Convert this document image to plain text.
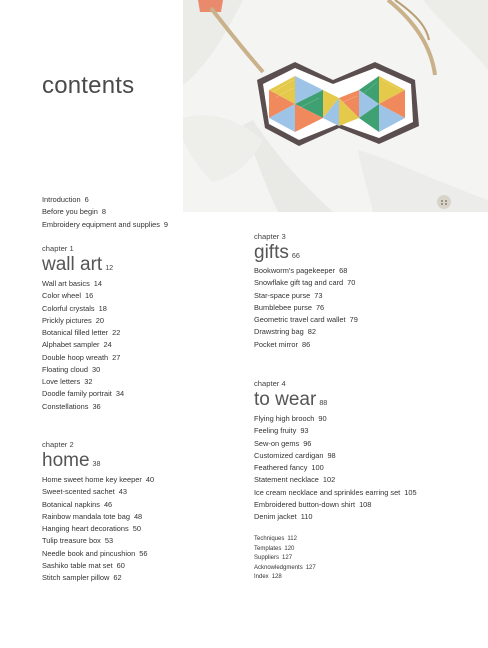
contents
Introduction 6
Before you begin 8
Embroidery equipment and supplies 9
chapter 1
wall art 12
Wall art basics 14
Color wheel 16
Colorful crystals 18
Prickly pictures 20
Botanical filled letter 22
Alphabet sampler 24
Double hoop wreath 27
Floating cloud 30
Love letters 32
Doodle family portrait 34
Constellations 36
chapter 2
home 38
Home sweet home key keeper 40
Sweet-scented sachet 43
Botanical napkins 46
Rainbow mandala tote bag 48
Hanging heart decorations 50
Tulip treasure box 53
Needle book and pincushion 56
Sashiko table mat set 60
Stitch sampler pillow 62
chapter 3
gifts 66
Bookworm's pagekeeper 68
Snowflake gift tag and card 70
Star-space purse 73
Bumblebee purse 76
Geometric travel card wallet 79
Drawstring bag 82
Pocket mirror 86
chapter 4
to wear 88
Flying high brooch 90
Feeling fruity 93
Sew-on gems 96
Customized cardigan 98
Feathered fancy 100
Statement necklace 102
Ice cream necklace and sprinkles earring set 105
Embroidered button-down shirt 108
Denim jacket 110
Techniques 112
Templates 120
Suppliers 127
Acknowledgments 127
Index 128
